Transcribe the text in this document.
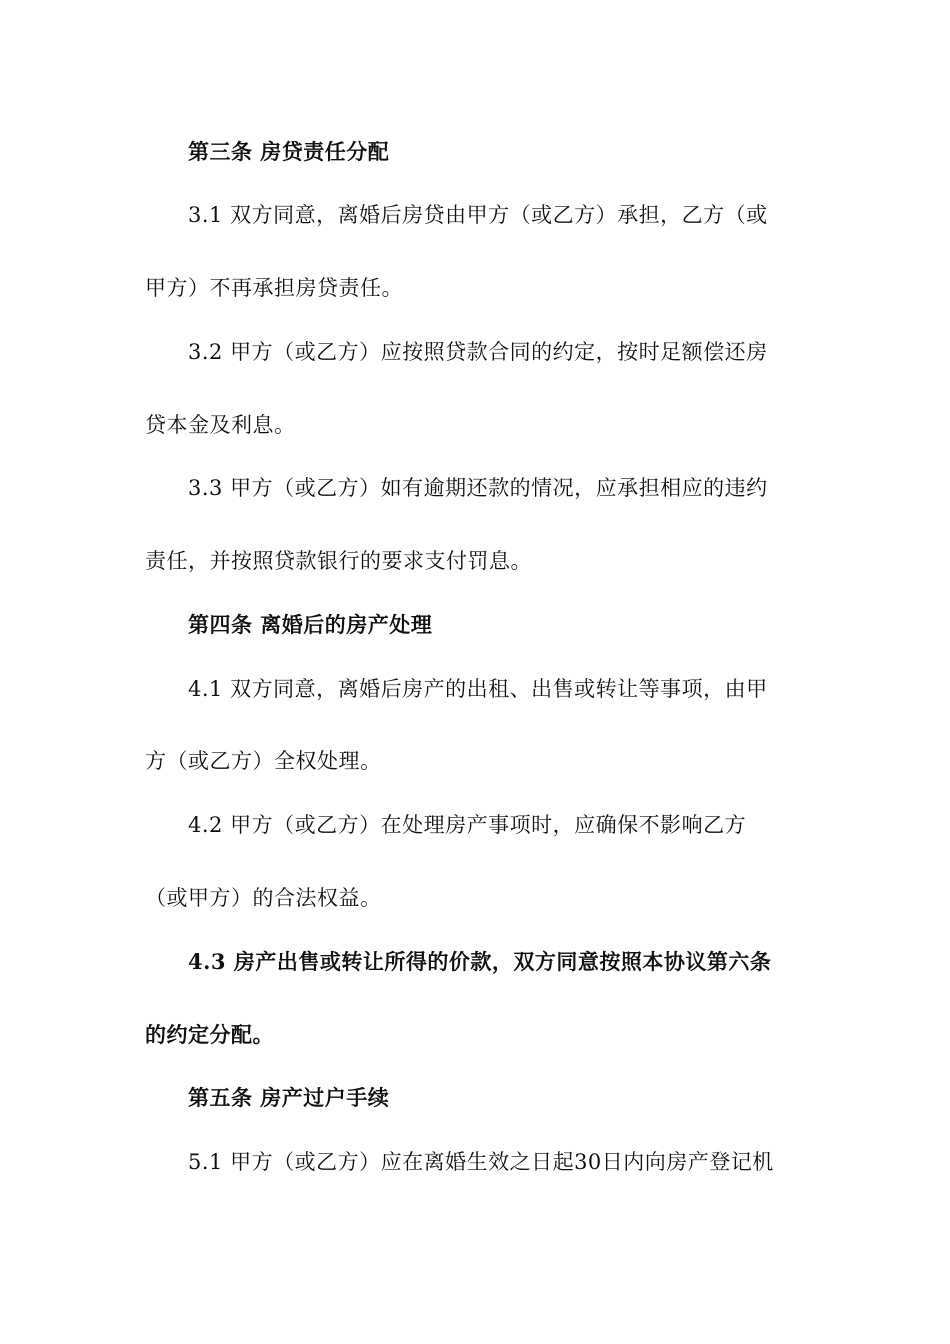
第三条 房贷责任分配
3.1 双方同意，离婚后房贷由甲方（或乙方）承担，乙方（或
甲方）不再承担房贷责任。
3.2 甲方（或乙方）应按照贷款合同的约定，按时足额偿还房
贷本金及利息。
3.3 甲方（或乙方）如有逾期还款的情况，应承担相应的违约
责任，并按照贷款银行的要求支付罚息。
第四条 离婚后的房产处理
4.1 双方同意，离婚后房产的出租、出售或转让等事项，由甲
方（或乙方）全权处理。
4.2 甲方（或乙方）在处理房产事项时，应确保不影响乙方
（或甲方）的合法权益。
4.3 房产出售或转让所得的价款，双方同意按照本协议第六条
的约定分配。
第五条 房产过户手续
5.1 甲方（或乙方）应在离婚生效之日起30日内向房产登记机
